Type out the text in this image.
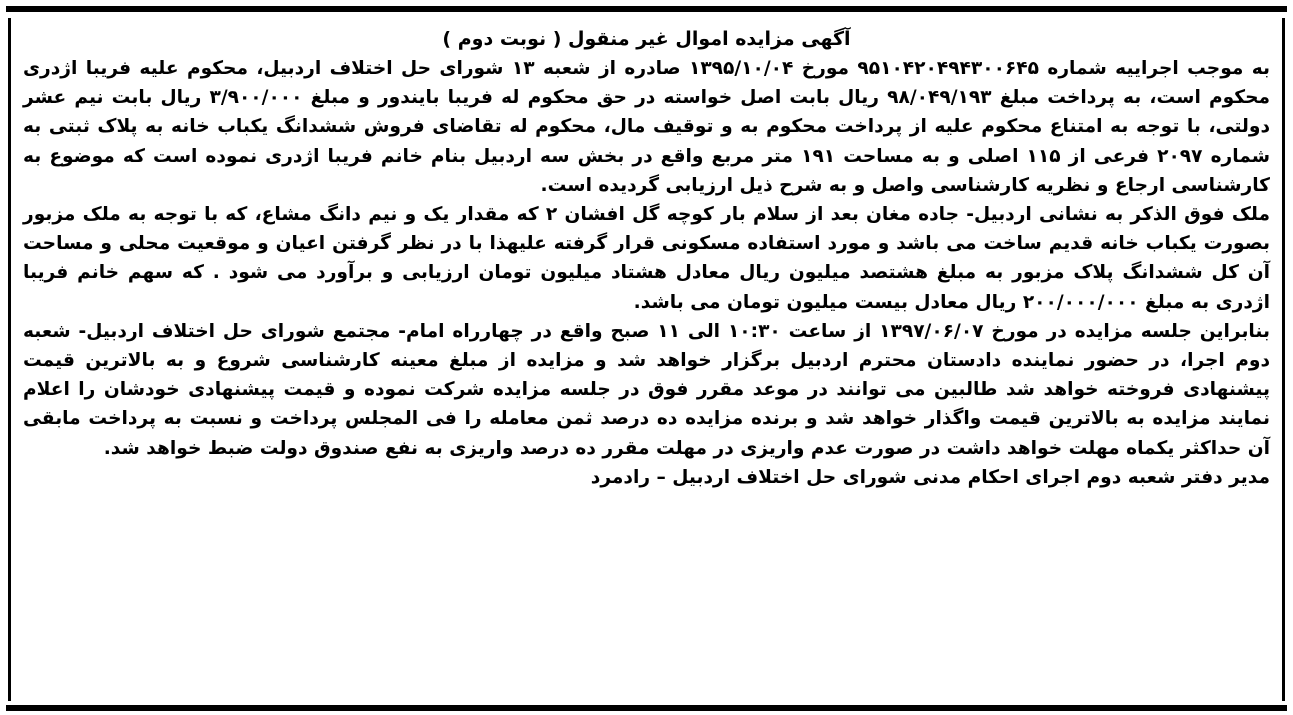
آگهی مزایده اموال غیر منقول ( نوبت دوم )

به موجب اجراییه شماره ۹۵۱۰۴۲۰۴۹۴۳۰۰۶۴۵ مورخ ۱۳۹۵/۱۰/۰۴ صادره از شعبه ۱۳ شورای حل اختلاف اردبیل، محکوم علیه فریبا اژدری محکوم است، به پرداخت مبلغ ۹۸/۰۴۹/۱۹۳ ریال بابت اصل خواسته در حق محکوم له فریبا بایندور و مبلغ ۳/۹۰۰/۰۰۰ ریال بابت نیم عشر دولتی، با توجه به امتناع محکوم علیه از پرداخت محکوم به و توقیف مال، محکوم له تقاضای فروش ششدانگ یکباب خانه به پلاک ثبتی به شماره ۲۰۹۷ فرعی از ۱۱۵ اصلی و به مساحت ۱۹۱ متر مربع واقع در بخش سه اردبیل بنام خانم فریبا اژدری نموده است که موضوع به کارشناسی ارجاع و نظریه کارشناسی واصل و به شرح ذیل ارزیابی گردیده است.

ملک فوق الذکر به نشانی اردبیل- جاده مغان بعد از سلام بار کوچه گل افشان ۲ که مقدار یک و نیم دانگ مشاع، که با توجه به ملک مزبور بصورت یکباب خانه قدیم ساخت می باشد و مورد استفاده مسکونی قرار گرفته علیهذا با در نظر گرفتن اعیان و موقعیت محلی و مساحت آن کل ششدانگ پلاک مزبور به مبلغ هشتصد میلیون ریال معادل هشتاد میلیون تومان ارزیابی و برآورد می شود . که سهم خانم فریبا اژدری به مبلغ ۲۰۰/۰۰۰/۰۰۰ ریال معادل بیست میلیون تومان می باشد.

بنابراین جلسه مزایده در مورخ ۱۳۹۷/۰۶/۰۷ از ساعت ۱۰:۳۰ الی ۱۱ صبح واقع در چهارراه امام- مجتمع شورای حل اختلاف اردبیل- شعبه دوم اجرا، در حضور نماینده دادستان محترم اردبیل برگزار خواهد شد و مزایده از مبلغ معینه کارشناسی شروع و به بالاترین قیمت پیشنهادی فروخته خواهد شد طالبین می توانند در موعد مقرر فوق در جلسه مزایده شرکت نموده و قیمت پیشنهادی خودشان را اعلام نمایند مزایده به بالاترین قیمت واگذار خواهد شد و برنده مزایده ده درصد ثمن معامله را فی المجلس پرداخت و نسبت به پرداخت مابقی آن حداکثر یکماه مهلت خواهد داشت در صورت عدم واریزی در مهلت مقرر ده درصد واریزی به نفع صندوق دولت ضبط خواهد شد.

مدیر دفتر شعبه دوم اجرای احکام مدنی شورای حل اختلاف اردبیل – رادمرد
